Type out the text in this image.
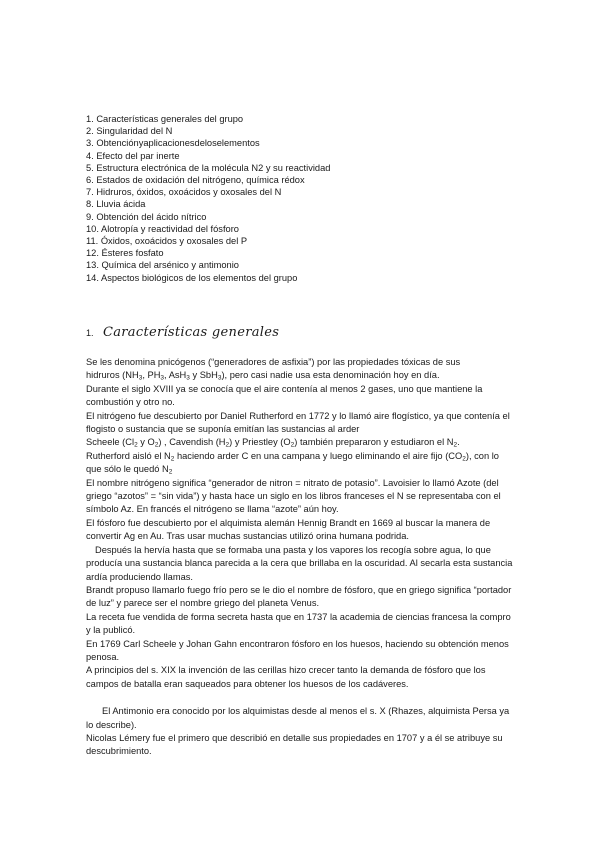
1. Características generales del grupo
2. Singularidad del N
3. Obtenciónyaplicacionesdeloselementos
4. Efecto del par inerte
5. Estructura electrónica de la molécula N2 y su reactividad
6. Estados de oxidación del nitrógeno, química rédox
7. Hidruros, óxidos, oxoácidos y oxosales del N
8. Lluvia ácida
9. Obtención del ácido nítrico
10. Alotropía y reactividad del fósforo
11. Óxidos, oxoácidos y oxosales del P
12. Ésteres fosfato
13. Química del arsénico y antimonio
14. Aspectos biológicos de los elementos del grupo
1. Características generales

Se les denomina pnicógenos (“generadores de asfixia”) por las propiedades tóxicas de sus
hidruros ($NH_3$, $PH_3$, AsH$_3$ y SbH$_3$), pero casi nadie usa esta denominación hoy en día.

Durante el siglo XVIII ya se conocía que el aire contenía al menos 2 gases, uno que mantiene la combustión y otro no.

El nitrógeno fue descubierto por Daniel Rutherford en 1772 y lo llamó aire flogístico, ya que contenía el flogisto o sustancia que se suponía emitían las sustancias al arder
Scheele ($Cl_2$ y $O_2$) , Cavendish $(H_2)$ y Priestley $(O_2)$ también prepararon y estudiaron el $N_2$.

Rutherford aisló el $N_2$ haciendo arder C en una campana y luego eliminando el aire fijo $(CO_2)$, con lo que sólo le quedó $N_2$

El nombre nitrógeno significa “generador de nitron = nitrato de potasio”. Lavoisier lo llamó Azote (del griego “azotos” = “sin vida”) y hasta hace un siglo en los libros franceses el N se representaba con el símbolo Az. En francés el nitrógeno se llama “azote” aún hoy.

El fósforo fue descubierto por el alquimista alemán Hennig Brandt en 1669 al buscar la manera de convertir Ag en Au. Tras usar muchas sustancias utilizó orina humana podrida.

Después la hervía hasta que se formaba una pasta y los vapores los recogía sobre agua, lo que producía una sustancia blanca parecida a la cera que brillaba en la oscuridad. Al secarla esta sustancia ardía produciendo llamas.

Brandt propuso llamarlo fuego frío pero se le dio el nombre de fósforo, que en griego significa “portador de luz” y parece ser el nombre griego del planeta Venus.

La receta fue vendida de forma secreta hasta que en 1737 la academia de ciencias francesa la compro y la publicó.

En 1769 Carl Scheele y Johan Gahn encontraron fósforo en los huesos, haciendo su obtención menos penosa.

A principios del s. XIX la invención de las cerillas hizo crecer tanto la demanda de fósforo que los campos de batalla eran saqueados para obtener los huesos de los cadáveres.

El Antimonio era conocido por los alquimistas desde al menos el s. X (Rhazes, alquimista Persa ya lo describe).

Nicolas Lémery fue el primero que describió en detalle sus propiedades en 1707 y a él se atribuye su descubrimiento.
